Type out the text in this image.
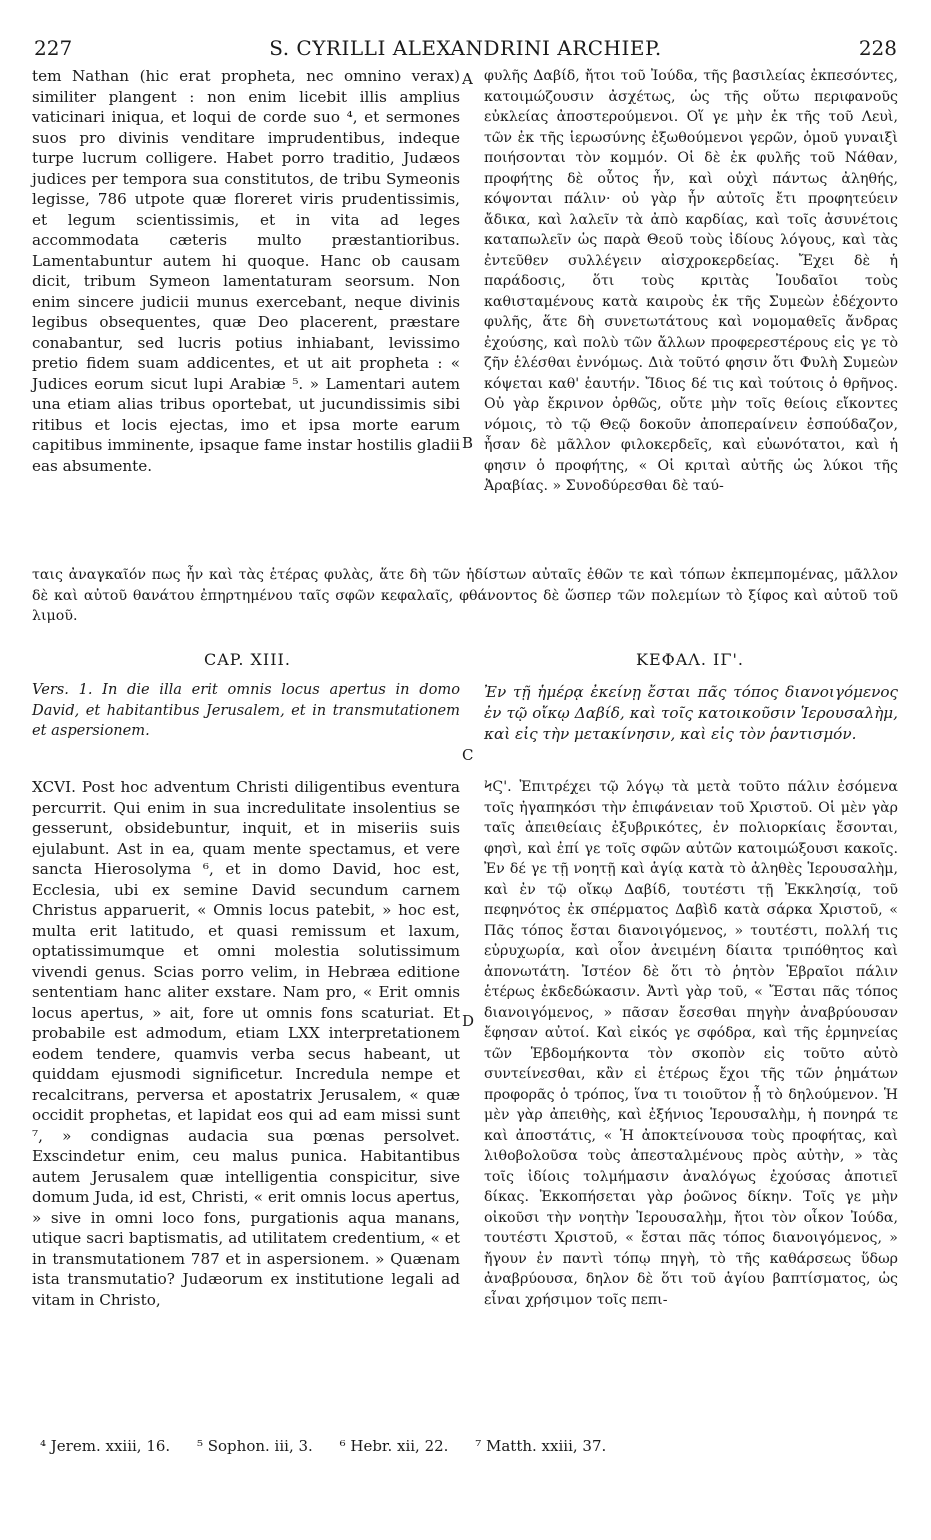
227	S. CYRILLI ALEXANDRINI ARCHIEP.	228

tem Nathan (hic erat propheta, nec omnino verax) similiter plangent : non enim licebit illis amplius vaticinari iniqua, et loqui de corde suo ⁴, et sermones suos pro divinis venditare imprudentibus, indeque turpe lucrum colligere. Habet porro traditio, Judæos judices per tempora sua constitutos, de tribu Symeonis legisse, 786 utpote quæ floreret viris prudentissimis, et legum scientissimis, et in vita ad leges accommodata cæteris multo præstantioribus. Lamentabuntur autem hi quoque. Hanc ob causam dicit, tribum Symeon lamentaturam seorsum. Non enim sincere judicii munus exercebant, neque divinis legibus obsequentes, quæ Deo placerent, præstare conabantur, sed lucris potius inhiabant, levissimo pretio fidem suam addicentes, et ut ait propheta : « Judices eorum sicut lupi Arabiæ ⁵. » Lamentari autem una etiam alias tribus oportebat, ut jucundissimis sibi ritibus et locis ejectas, imo et ipsa morte earum capitibus imminente, ipsaque fame instar hostilis gladii eas absumente.

A
B

φυλῆς Δαβίδ, ἤτοι τοῦ Ἰούδα, τῆς βασιλείας ἐκπεσόντες, κατοιμώζουσιν ἀσχέτως, ὡς τῆς οὕτω περιφανοῦς εὐκλείας ἀποστερούμενοι. Οἵ γε μὴν ἐκ τῆς τοῦ Λευὶ, τῶν ἐκ τῆς ἱερωσύνης ἐξωθούμενοι γερῶν, ὁμοῦ γυναιξὶ ποιήσονται τὸν κομμόν. Οἱ δὲ ἐκ φυλῆς τοῦ Νάθαν, προφήτης δὲ οὗτος ἦν, καὶ οὐχὶ πάντως ἀληθής, κόψονται πάλιν· οὐ γὰρ ἦν αὐτοῖς ἔτι προφητεύειν ἄδικα, καὶ λαλεῖν τὰ ἀπὸ καρδίας, καὶ τοῖς ἀσυνέτοις καταπωλεῖν ὡς παρὰ Θεοῦ τοὺς ἰδίους λόγους, καὶ τὰς ἐντεῦθεν συλλέγειν αἰσχροκερδείας. Ἔχει δὲ ἡ παράδοσις, ὅτι τοὺς κριτὰς Ἰουδαῖοι τοὺς καθισταμένους κατὰ καιροὺς ἐκ τῆς Συμεὼν ἐδέχοντο φυλῆς, ἅτε δὴ συνετωτάτους καὶ νομομαθεῖς ἄνδρας ἐχούσης, καὶ πολὺ τῶν ἄλλων προφερεστέρους εἰς γε τὸ ζῆν ἑλέσθαι ἐννόμως. Διὰ τοῦτό φησιν ὅτι Φυλὴ Συμεὼν κόψεται καθ' ἑαυτήν. Ἴδιος δέ τις καὶ τούτοις ὁ θρῆνος. Οὐ γὰρ ἔκρινον ὀρθῶς, οὔτε μὴν τοῖς θείοις εἴκοντες νόμοις, τὸ τῷ Θεῷ δοκοῦν ἀποπεραίνειν ἐσπούδαζον, ἦσαν δὲ μᾶλλον φιλοκερδεῖς, καὶ εὐωνότατοι, καὶ ἡ φησιν ὁ προφήτης, « Οἱ κριταὶ αὐτῆς ὡς λύκοι τῆς Ἀραβίας. » Συνοδύρεσθαι δὲ ταύ-

ταις ἀναγκαῖόν πως ἦν καὶ τὰς ἑτέρας φυλὰς, ἅτε δὴ τῶν ἡδίστων αὐταῖς ἐθῶν τε καὶ τόπων ἐκπεμπομένας, μᾶλλον δὲ καὶ αὐτοῦ θανάτου ἐπηρτημένου ταῖς σφῶν κεφαλαῖς, φθάνοντος δὲ ὥσπερ τῶν πολεμίων τὸ ξίφος καὶ αὐτοῦ τοῦ λιμοῦ.

CAP. XIII.	ΚΕΦΑΛ. ΙΓ'.

Vers. 1. In die illa erit omnis locus apertus in domo David, et habitantibus Jerusalem, et in transmutationem et aspersionem.

Ἐν τῇ ἡμέρᾳ ἐκείνῃ ἔσται πᾶς τόπος διανοιγόμενος ἐν τῷ οἴκῳ Δαβίδ, καὶ τοῖς κατοικοῦσιν Ἱερουσαλὴμ, καὶ εἰς τὴν μετακίνησιν, καὶ εἰς τὸν ῥαντισμόν.

C
D

XCVI. Post hoc adventum Christi diligentibus eventura percurrit. Qui enim in sua incredulitate insolentius se gesserunt, obsidebuntur, inquit, et in miseriis suis ejulabunt. Ast in ea, quam mente spectamus, et vere sancta Hierosolyma ⁶, et in domo David, hoc est, Ecclesia, ubi ex semine David secundum carnem Christus apparuerit, « Omnis locus patebit, » hoc est, multa erit latitudo, et quasi remissum et laxum, optatissimumque et omni molestia solutissimum vivendi genus. Scias porro velim, in Hebræa editione sententiam hanc aliter exstare. Nam pro, « Erit omnis locus apertus, » ait, fore ut omnis fons scaturiat. Et probabile est admodum, etiam LXX interpretationem eodem tendere, quamvis verba secus habeant, ut quiddam ejusmodi significetur. Incredula nempe et recalcitrans, perversa et apostatrix Jerusalem, « quæ occidit prophetas, et lapidat eos qui ad eam missi sunt ⁷, » condignas audacia sua pœnas persolvet. Exscindetur enim, ceu malus punica. Habitantibus autem Jerusalem quæ intelligentia conspicitur, sive domum Juda, id est, Christi, « erit omnis locus apertus, » sive in omni loco fons, purgationis aqua manans, utique sacri baptismatis, ad utilitatem credentium, « et in transmutationem 787 et in aspersionem. » Quænam ista transmutatio? Judæorum ex institutione legali ad vitam in Christo,

ϞϚ'. Ἐπιτρέχει τῷ λόγῳ τὰ μετὰ τοῦτο πάλιν ἐσόμενα τοῖς ἠγαπηκόσι τὴν ἐπιφάνειαν τοῦ Χριστοῦ. Οἱ μὲν γὰρ ταῖς ἀπειθείαις ἐξυβρικότες, ἐν πολιορκίαις ἔσονται, φησὶ, καὶ ἐπί γε τοῖς σφῶν αὐτῶν κατοιμώξουσι κακοῖς. Ἐν δέ γε τῇ νοητῇ καὶ ἁγίᾳ κατὰ τὸ ἀληθὲς Ἱερουσαλὴμ, καὶ ἐν τῷ οἴκῳ Δαβίδ, τουτέστι τῇ Ἐκκλησίᾳ, τοῦ πεφηνότος ἐκ σπέρματος Δαβὶδ κατὰ σάρκα Χριστοῦ, « Πᾶς τόπος ἔσται διανοιγόμενος, » τουτέστι, πολλή τις εὐρυχωρία, καὶ οἷον ἀνειμένη δίαιτα τριπόθητος καὶ ἀπονωτάτη. Ἰστέον δὲ ὅτι τὸ ῥητὸν Ἑβραῖοι πάλιν ἑτέρως ἐκδεδώκασιν. Ἀντὶ γὰρ τοῦ, « Ἔσται πᾶς τόπος διανοιγόμενος, » πᾶσαν ἔσεσθαι πηγὴν ἀναβρύουσαν ἔφησαν αὐτοί. Καὶ εἰκός γε σφόδρα, καὶ τῆς ἑρμηνείας τῶν Ἑβδομήκοντα τὸν σκοπὸν εἰς τοῦτο αὐτὸ συντείνεσθαι, κἂν εἰ ἑτέρως ἔχοι τῆς τῶν ῥημάτων προφορᾶς ὁ τρόπος, ἵνα τι τοιοῦτον ᾖ τὸ δηλούμενον. Ἡ μὲν γὰρ ἀπειθὴς, καὶ ἐξήνιος Ἱερουσαλὴμ, ἡ πονηρά τε καὶ ἀποστάτις, « Ἡ ἀποκτείνουσα τοὺς προφήτας, καὶ λιθοβολοῦσα τοὺς ἀπεσταλμένους πρὸς αὐτὴν, » τὰς τοῖς ἰδίοις τολμήμασιν ἀναλόγως ἐχούσας ἀποτιεῖ δίκας. Ἐκκοπήσεται γὰρ ῥοῶνος δίκην. Τοῖς γε μὴν οἰκοῦσι τὴν νοητὴν Ἱερουσαλὴμ, ἤτοι τὸν οἶκον Ἰούδα, τουτέστι Χριστοῦ, « ἔσται πᾶς τόπος διανοιγόμενος, » ἤγουν ἐν παντὶ τόπῳ πηγὴ, τὸ τῆς καθάρσεως ὕδωρ ἀναβρύουσα, δηλον δὲ ὅτι τοῦ ἁγίου βαπτίσματος, ὡς εἶναι χρήσιμον τοῖς πεπι-

⁴ Jerem. xxiii, 16. ⁵ Sophon. iii, 3. ⁶ Hebr. xii, 22. ⁷ Matth. xxiii, 37.
